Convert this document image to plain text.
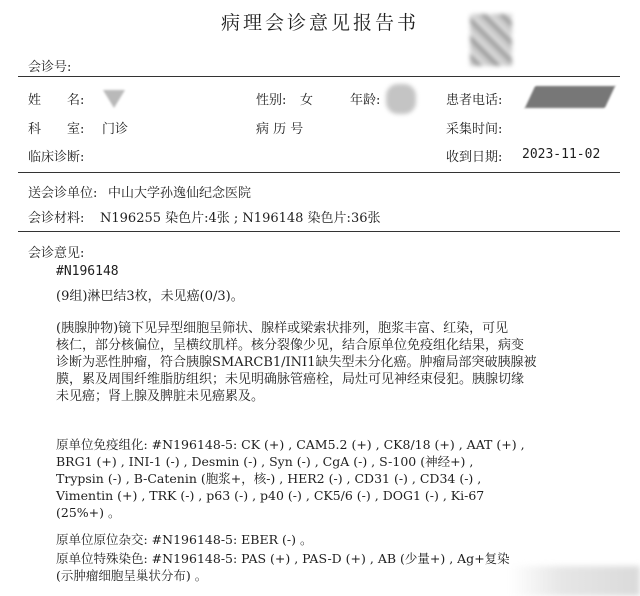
病理会诊意见报告书
会诊号:
姓　　名:	性别: 女	年龄:	患者电话:
科　　室: 门诊	病 历 号	采集时间:
临床诊断:	收到日期: 2023-11-02
送会诊单位: 中山大学孙逸仙纪念医院
会诊材料: N196255 染色片:4张 ; N196148 染色片:36张
会诊意见:
#N196148
(9组)淋巴结3枚，未见癌(0/3)。
(胰腺肿物)镜下见异型细胞呈筛状、腺样或梁索状排列，胞浆丰富、红染，可见
核仁，部分核偏位，呈横纹肌样。核分裂像少见，结合原单位免疫组化结果，病变
诊断为恶性肿瘤，符合胰腺SMARCB1/INI1缺失型未分化癌。肿瘤局部突破胰腺被
膜，累及周围纤维脂肪组织；未见明确脉管癌栓，局灶可见神经束侵犯。胰腺切缘
未见癌；肾上腺及脾脏未见癌累及。
原单位免疫组化: #N196148-5: CK (+) , CAM5.2 (+) , CK8/18 (+) , AAT (+) ,
BRG1 (+) , INI-1 (-) , Desmin (-) , Syn (-) , CgA (-) , S-100 (神经+) ,
Trypsin (-) , B-Catenin (胞浆+，核-) , HER2 (-) , CD31 (-) , CD34 (-) ,
Vimentin (+) , TRK (-) , p63 (-) , p40 (-) , CK5/6 (-) , DOG1 (-) , Ki-67
(25%+) 。
原单位原位杂交: #N196148-5: EBER (-) 。
原单位特殊染色: #N196148-5: PAS (+) , PAS-D (+) , AB (少量+) , Ag+复染
(示肿瘤细胞呈巢状分布) 。
